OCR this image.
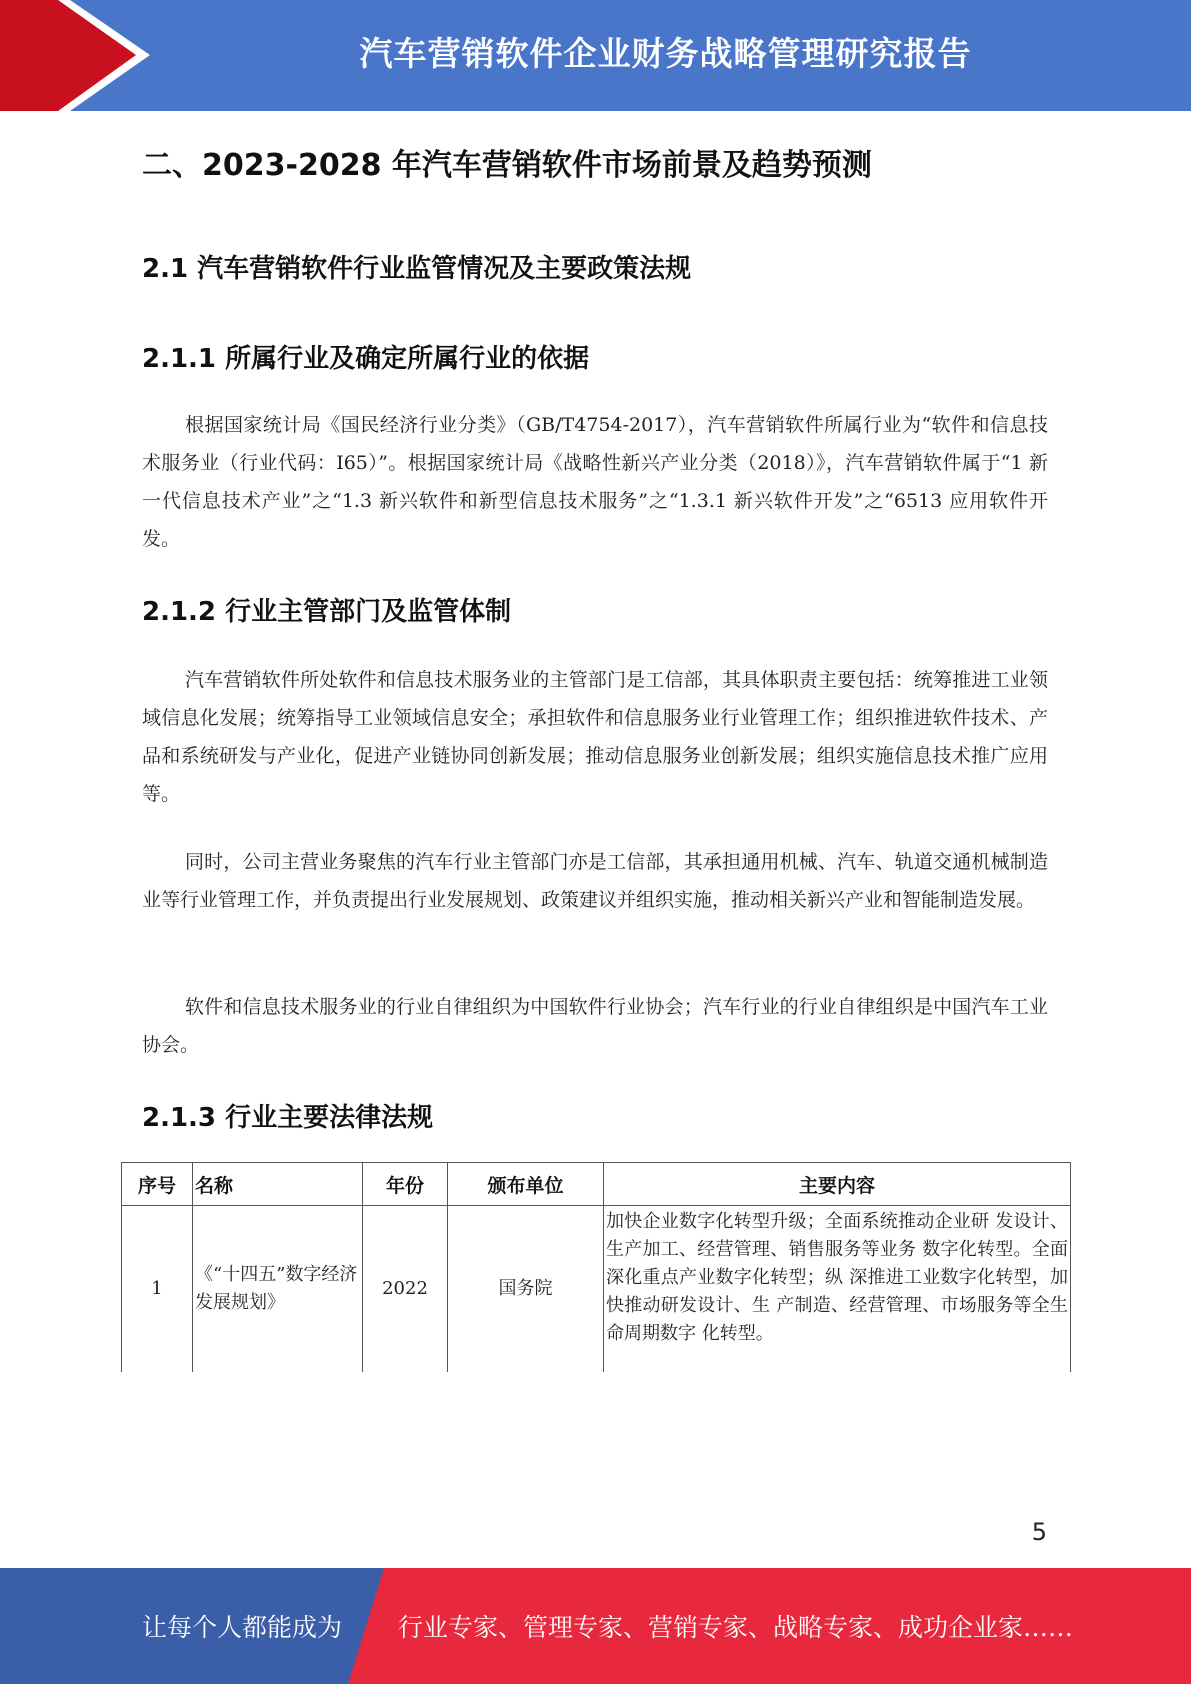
汽车营销软件企业财务战略管理研究报告
二、2023-2028 年汽车营销软件市场前景及趋势预测
2.1 汽车营销软件行业监管情况及主要政策法规
2.1.1 所属行业及确定所属行业的依据

根据国家统计局《国民经济行业分类》（GB/T4754-2017），汽车营销软件所属行业为“软件和信息技术服务业（行业代码：I65）”。根据国家统计局《战略性新兴产业分类（2018）》，汽车营销软件属于“1 新一代信息技术产业”之“1.3 新兴软件和新型信息技术服务”之“1.3.1 新兴软件开发”之“6513 应用软件开发。

2.1.2 行业主管部门及监管体制

汽车营销软件所处软件和信息技术服务业的主管部门是工信部，其具体职责主要包括：统筹推进工业领域信息化发展；统筹指导工业领域信息安全；承担软件和信息服务业行业管理工作；组织推进软件技术、产品和系统研发与产业化，促进产业链协同创新发展；推动信息服务业创新发展；组织实施信息技术推广应用等。

同时，公司主营业务聚焦的汽车行业主管部门亦是工信部，其承担通用机械、汽车、轨道交通机械制造业等行业管理工作，并负责提出行业发展规划、政策建议并组织实施，推动相关新兴产业和智能制造发展。

软件和信息技术服务业的行业自律组织为中国软件行业协会；汽车行业的行业自律组织是中国汽车工业协会。

2.1.3 行业主要法律法规
序号	名称	年份	颁布单位	主要内容
1	《“十四五”数字经济发展规划》	2022	国务院	加快企业数字化转型升级；全面系统推动企业研 发设计、生产加工、经营管理、销售服务等业务 数字化转型。全面深化重点产业数字化转型；纵 深推进工业数字化转型，加快推动研发设计、生 产制造、经营管理、市场服务等全生命周期数字 化转型。
5
让每个人都能成为 行业专家、管理专家、营销专家、战略专家、成功企业家……
